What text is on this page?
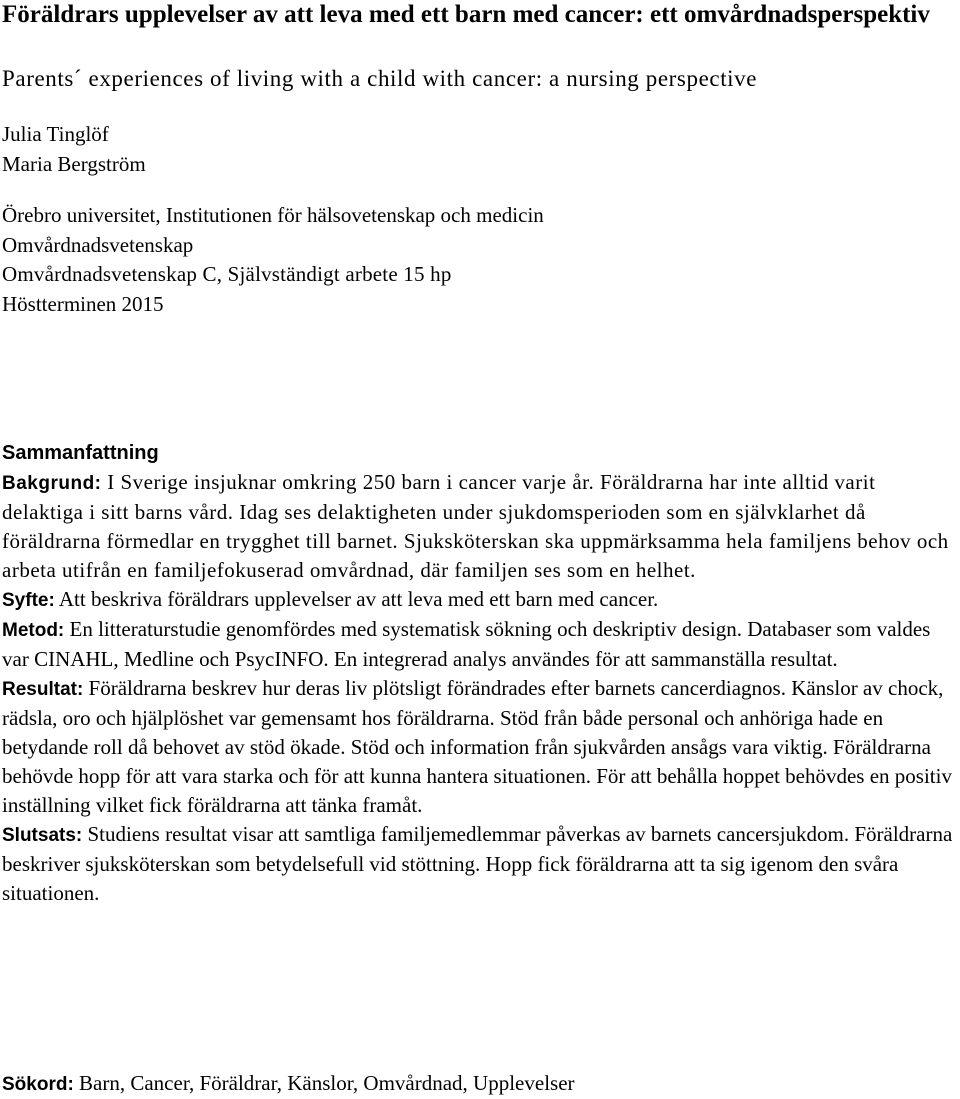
Föräldrars upplevelser av att leva med ett barn med cancer: ett omvårdnadsperspektiv
Parents´ experiences of living with a child with cancer: a nursing perspective

Julia Tinglöf

Maria Bergström

Örebro universitet, Institutionen för hälsovetenskap och medicin

Omvårdnadsvetenskap

Omvårdnadsvetenskap C, Självständigt arbete 15 hp

Höstterminen 2015

Sammanfattning

Bakgrund: I Sverige insjuknar omkring 250 barn i cancer varje år. Föräldrarna har inte alltid varit delaktiga i sitt barns vård. Idag ses delaktigheten under sjukdomsperioden som en självklarhet då föräldrarna förmedlar en trygghet till barnet. Sjuksköterskan ska uppmärksamma hela familjens behov och arbeta utifrån en familjefokuserad omvårdnad, där familjen ses som en helhet.

Syfte: Att beskriva föräldrars upplevelser av att leva med ett barn med cancer.

Metod: En litteraturstudie genomfördes med systematisk sökning och deskriptiv design. Databaser som valdes var CINAHL, Medline och PsycINFO. En integrerad analys användes för att sammanställa resultat.

Resultat: Föräldrarna beskrev hur deras liv plötsligt förändrades efter barnets cancerdiagnos. Känslor av chock, rädsla, oro och hjälplöshet var gemensamt hos föräldrarna. Stöd från både personal och anhöriga hade en betydande roll då behovet av stöd ökade. Stöd och information från sjukvården ansågs vara viktig. Föräldrarna behövde hopp för att vara starka och för att kunna hantera situationen. För att behålla hoppet behövdes en positiv inställning vilket fick föräldrarna att tänka framåt.

Slutsats: Studiens resultat visar att samtliga familjemedlemmar påverkas av barnets cancersjukdom. Föräldrarna beskriver sjuksköterskan som betydelsefull vid stöttning. Hopp fick föräldrarna att ta sig igenom den svåra situationen.

Sökord: Barn, Cancer, Föräldrar, Känslor, Omvårdnad, Upplevelser
